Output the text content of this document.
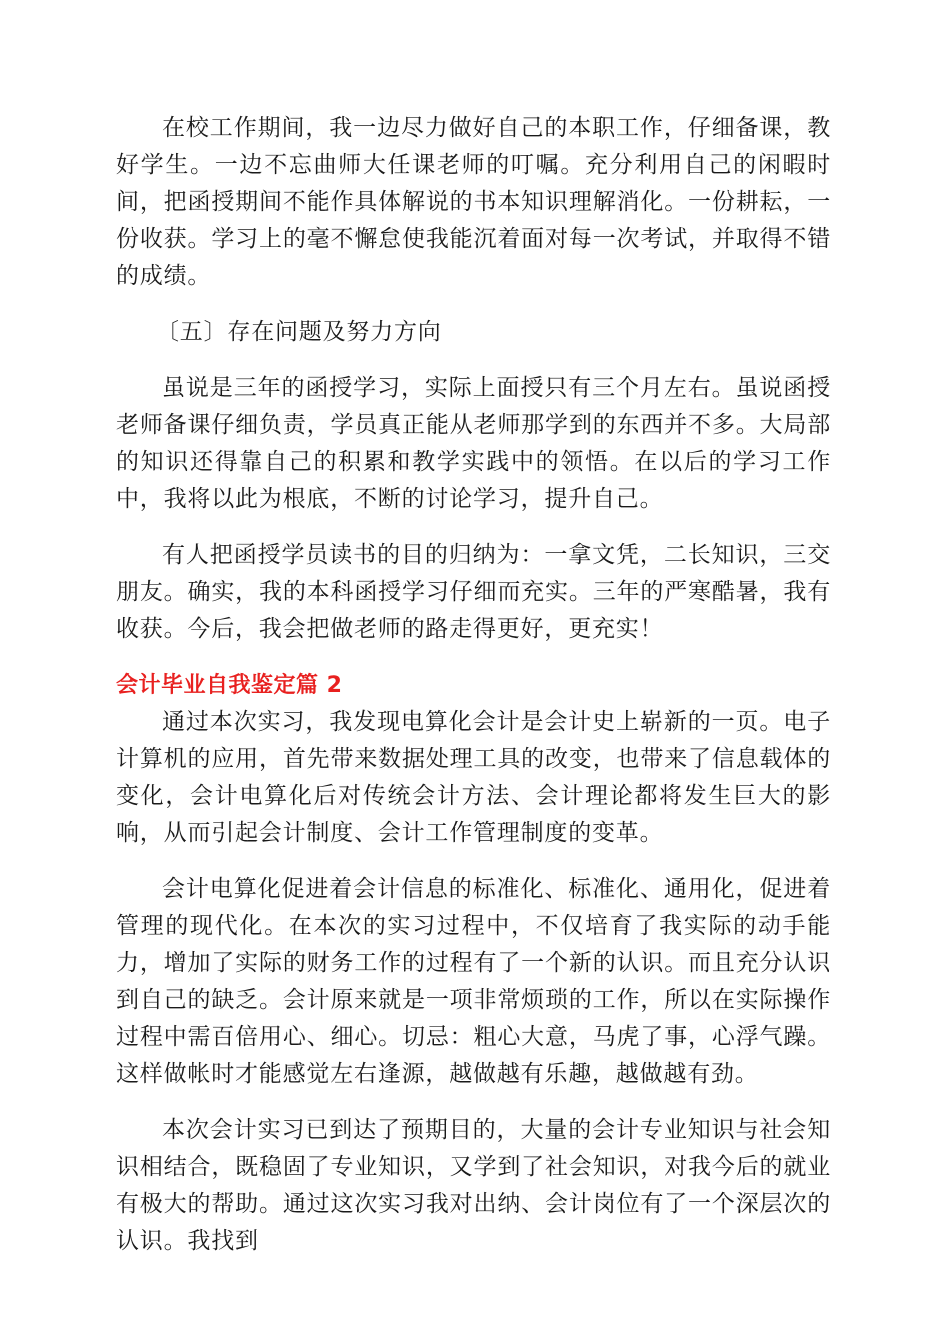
在校工作期间，我一边尽力做好自己的本职工作，仔细备课，教好学生。一边不忘曲师大任课老师的叮嘱。充分利用自己的闲暇时间，把函授期间不能作具体解说的书本知识理解消化。一份耕耘，一份收获。学习上的毫不懈怠使我能沉着面对每一次考试，并取得不错的成绩。

〔五〕存在问题及努力方向

虽说是三年的函授学习，实际上面授只有三个月左右。虽说函授老师备课仔细负责，学员真正能从老师那学到的东西并不多。大局部的知识还得靠自己的积累和教学实践中的领悟。在以后的学习工作中，我将以此为根底，不断的讨论学习，提升自己。

有人把函授学员读书的目的归纳为：一拿文凭，二长知识，三交朋友。确实，我的本科函授学习仔细而充实。三年的严寒酷暑，我有收获。今后，我会把做老师的路走得更好，更充实！

会计毕业自我鉴定篇 2

通过本次实习，我发现电算化会计是会计史上崭新的一页。电子计算机的应用，首先带来数据处理工具的改变，也带来了信息载体的变化，会计电算化后对传统会计方法、会计理论都将发生巨大的影响，从而引起会计制度、会计工作管理制度的变革。

会计电算化促进着会计信息的标准化、标准化、通用化，促进着管理的现代化。在本次的实习过程中，不仅培育了我实际的动手能力，增加了实际的财务工作的过程有了一个新的认识。而且充分认识到自己的缺乏。会计原来就是一项非常烦琐的工作，所以在实际操作过程中需百倍用心、细心。切忌：粗心大意，马虎了事，心浮气躁。这样做帐时才能感觉左右逢源，越做越有乐趣，越做越有劲。

本次会计实习已到达了预期目的，大量的会计专业知识与社会知识相结合，既稳固了专业知识，又学到了社会知识，对我今后的就业有极大的帮助。通过这次实习我对出纳、会计岗位有了一个深层次的认识。我找到
